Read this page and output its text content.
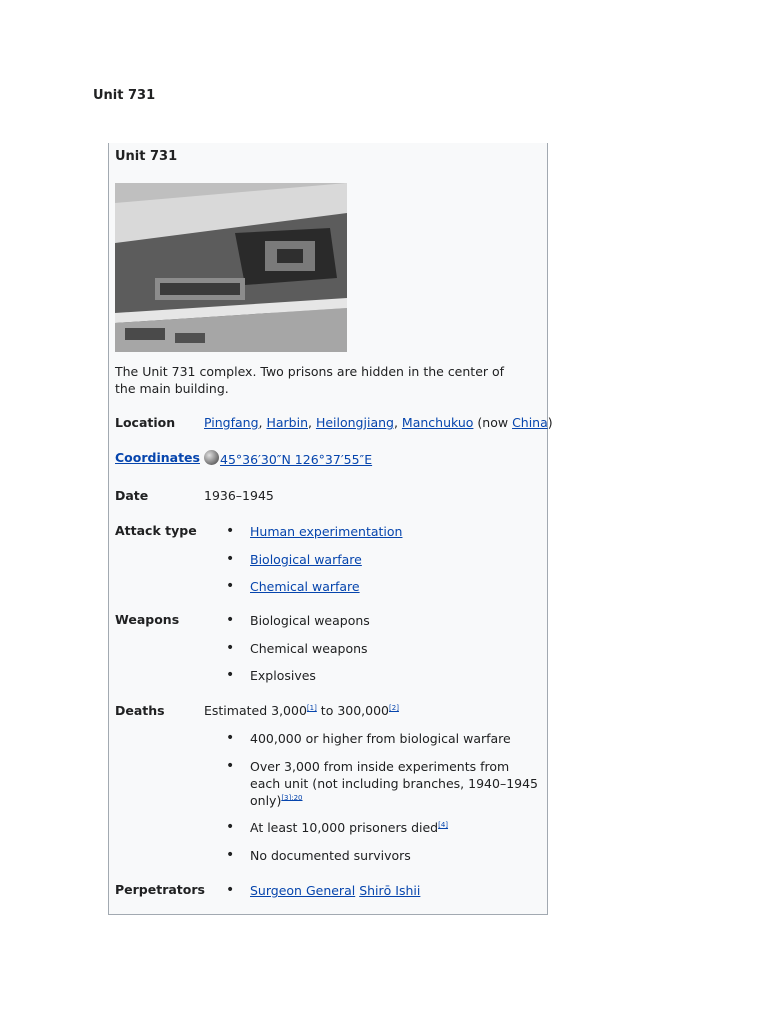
Unit 731
Unit 731

The Unit 731 complex. Two prisons are hidden in the center of the main building.

Location Pingfang, Harbin, Heilongjiang, Manchukuo (now China)
Coordinates	45°36′30″N 126°37′55″E
Date	1936–1945
Attack type	• Human experimentation
• Biological warfare
• Chemical warfare
Weapons	• Biological weapons
• Chemical weapons
• Explosives
Deaths	Estimated 3,000[1] to 300,000[2]
• 400,000 or higher from biological warfare
• Over 3,000 from inside experiments from each unit (not including branches, 1940–1945 only)$^{[3]:20}$
• At least 10,000 prisoners died[4]
• No documented survivors
Perpetrators	• Surgeon General Shirō Ishii
